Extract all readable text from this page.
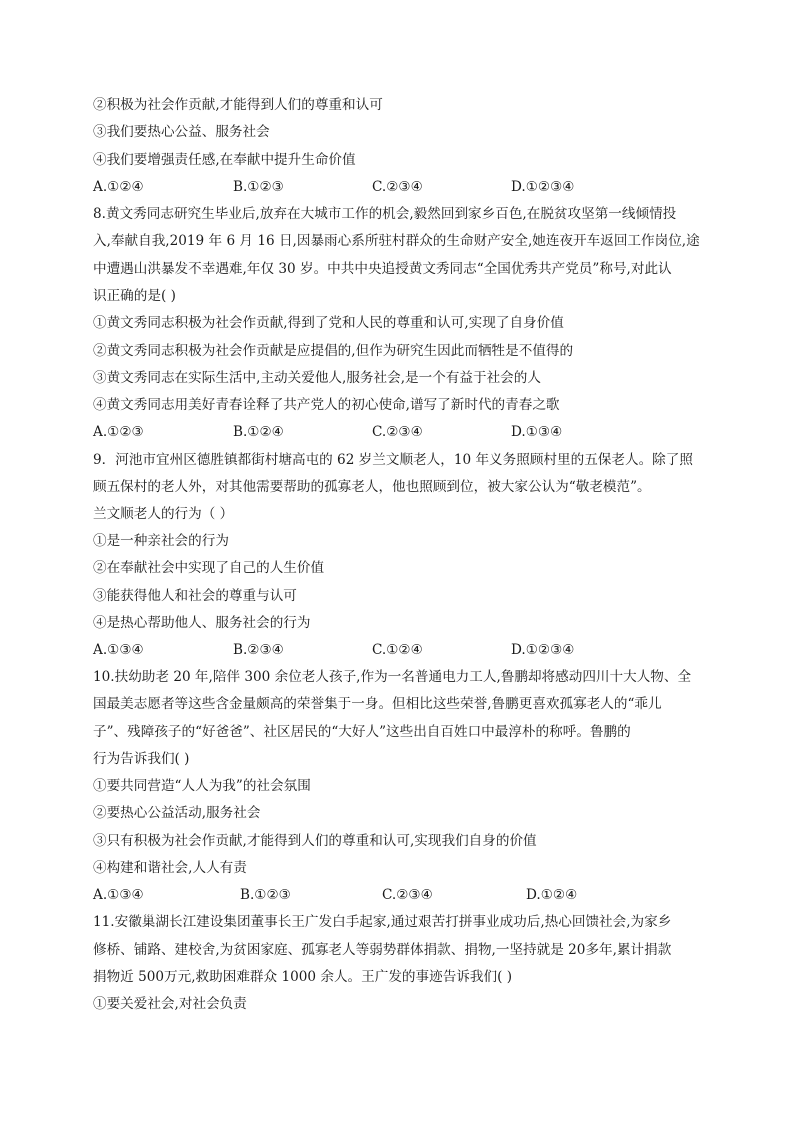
②积极为社会作贡献,才能得到人们的尊重和认可
③我们要热心公益、服务社会
④我们要增强责任感,在奉献中提升生命价值
A.①②④	B.①②③	C.②③④	D.①②③④
8.黄文秀同志研究生毕业后,放弃在大城市工作的机会,毅然回到家乡百色,在脱贫攻坚第一线倾情投
入,奉献自我,2019 年 6 月 16 日,因暴雨心系所驻村群众的生命财产安全,她连夜开车返回工作岗位,途
中遭遇山洪暴发不幸遇难,年仅 30 岁。中共中央追授黄文秀同志“全国优秀共产党员”称号,对此认
识正确的是( )
①黄文秀同志积极为社会作贡献,得到了党和人民的尊重和认可,实现了自身价值
②黄文秀同志积极为社会作贡献是应提倡的,但作为研究生因此而牺牲是不值得的
③黄文秀同志在实际生活中,主动关爱他人,服务社会,是一个有益于社会的人
④黄文秀同志用美好青春诠释了共产党人的初心使命,谱写了新时代的青春之歌
A.①②③	B.①②④	C.②③④	D.①③④
9．河池市宜州区德胜镇都街村塘高屯的 62 岁兰文顺老人，10 年义务照顾村里的五保老人。除了照
顾五保村的老人外，对其他需要帮助的孤寡老人，他也照顾到位，被大家公认为“敬老模范”。
兰文顺老人的行为（ ）
①是一种亲社会的行为
②在奉献社会中实现了自己的人生价值
③能获得他人和社会的尊重与认可
④是热心帮助他人、服务社会的行为
A.①③④	B.②③④	C.①②④	D.①②③④
10.扶幼助老 20 年,陪伴 300 余位老人孩子,作为一名普通电力工人,鲁鹏却将感动四川十大人物、全
国最美志愿者等这些含金量颇高的荣誉集于一身。但相比这些荣誉,鲁鹏更喜欢孤寡老人的“乖儿
子”、残障孩子的“好爸爸”、社区居民的“大好人”这些出自百姓口中最淳朴的称呼。鲁鹏的
行为告诉我们( )
①要共同营造“人人为我”的社会氛围
②要热心公益活动,服务社会
③只有积极为社会作贡献,才能得到人们的尊重和认可,实现我们自身的价值
④构建和谐社会,人人有责
A.①③④	B.①②③	C.②③④	D.①②④
11.安徽巢湖长江建设集团董事长王广发白手起家,通过艰苦打拼事业成功后,热心回馈社会,为家乡
修桥、铺路、建校舍,为贫困家庭、孤寡老人等弱势群体捐款、捐物,一坚持就是 20多年,累计捐款
捐物近 500万元,救助困难群众 1000 余人。王广发的事迹告诉我们( )
①要关爱社会,对社会负责
